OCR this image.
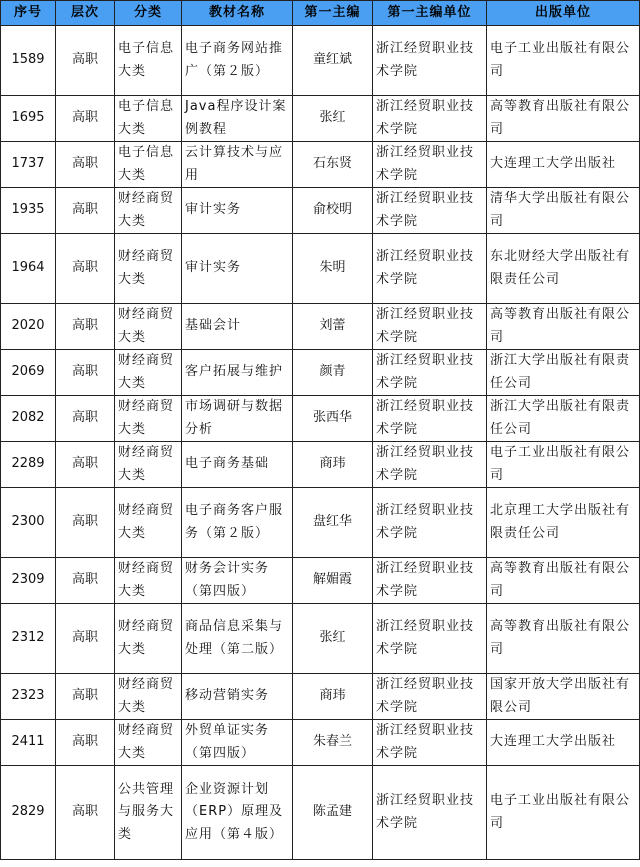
序号	层次	分类	教材名称	第一主编	第一主编单位	出版单位
1589	高职	电子信息大类	电子商务网站推广（第２版）	童红斌	浙江经贸职业技术学院	电子工业出版社有限公司
1695	高职	电子信息大类	Java程序设计案例教程	张红	浙江经贸职业技术学院	高等教育出版社有限公司
1737	高职	电子信息大类	云计算技术与应用	石东贤	浙江经贸职业技术学院	大连理工大学出版社
1935	高职	财经商贸大类	审计实务	俞校明	浙江经贸职业技术学院	清华大学出版社有限公司
1964	高职	财经商贸大类	审计实务	朱明	浙江经贸职业技术学院	东北财经大学出版社有限责任公司
2020	高职	财经商贸大类	基础会计	刘蕾	浙江经贸职业技术学院	高等教育出版社有限公司
2069	高职	财经商贸大类	客户拓展与维护	颜青	浙江经贸职业技术学院	浙江大学出版社有限责任公司
2082	高职	财经商贸大类	市场调研与数据分析	张西华	浙江经贸职业技术学院	浙江大学出版社有限责任公司
2289	高职	财经商贸大类	电子商务基础	商玮	浙江经贸职业技术学院	电子工业出版社有限公司
2300	高职	财经商贸大类	电子商务客户服务（第２版）	盘红华	浙江经贸职业技术学院	北京理工大学出版社有限责任公司
2309	高职	财经商贸大类	财务会计实务（第四版）	解媚霞	浙江经贸职业技术学院	高等教育出版社有限公司
2312	高职	财经商贸大类	商品信息采集与处理（第二版）	张红	浙江经贸职业技术学院	高等教育出版社有限公司
2323	高职	财经商贸大类	移动营销实务	商玮	浙江经贸职业技术学院	国家开放大学出版社有限公司
2411	高职	财经商贸大类	外贸单证实务（第四版）	朱春兰	浙江经贸职业技术学院	大连理工大学出版社
2829	高职	公共管理与服务大类	企业资源计划（ERP）原理及应用（第４版）	陈孟建	浙江经贸职业技术学院	电子工业出版社有限公司
